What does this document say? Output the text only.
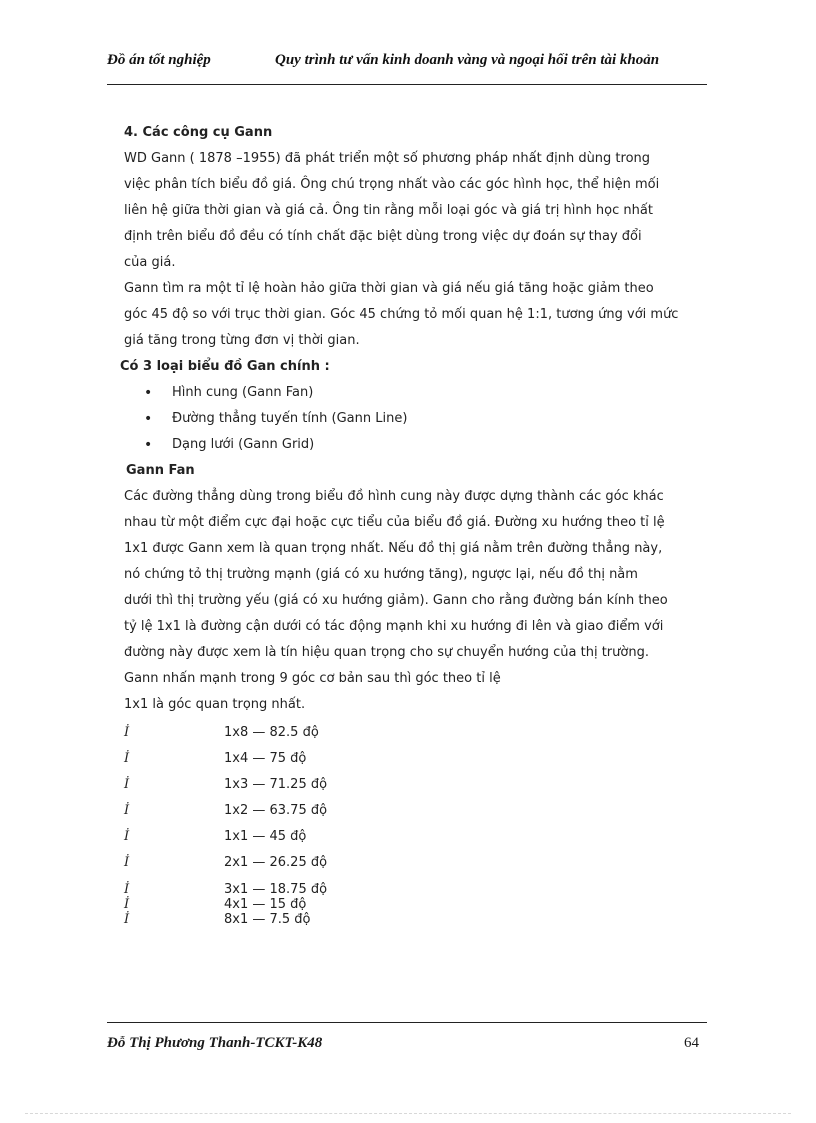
Đồ án tốt nghiệp	Quy trình tư vấn kinh doanh vàng và ngoại hối trên tài khoản

4. Các công cụ Gann

WD Gann ( 1878 –1955) đã phát triển một số phương pháp nhất định dùng trong

việc phân tích biểu đồ giá. Ông chú trọng nhất vào các góc hình học, thể hiện mối

liên hệ giữa thời gian và giá cả. Ông tin rằng mỗi loại góc và giá trị hình học nhất

định trên biểu đồ đều có tính chất đặc biệt dùng trong việc dự đoán sự thay đổi

của giá.

Gann tìm ra một tỉ lệ hoàn hảo giữa thời gian và giá nếu giá tăng hoặc giảm theo

góc 45 độ so với trục thời gian. Góc 45 chứng tỏ mối quan hệ 1:1, tương ứng với mức

giá tăng trong từng đơn vị thời gian.

Có 3 loại biểu đồ Gan chính :

• Hình cung (Gann Fan)
• Đường thẳng tuyến tính (Gann Line)
• Dạng lưới (Gann Grid)

Gann Fan

Các đường thẳng dùng trong biểu đồ hình cung này được dựng thành các góc khác

nhau từ một điểm cực đại hoặc cực tiểu của biểu đồ giá. Đường xu hướng theo tỉ lệ

1x1 được Gann xem là quan trọng nhất. Nếu đồ thị giá nằm trên đường thẳng này,

nó chứng tỏ thị trường mạnh (giá có xu hướng tăng), ngược lại, nếu đồ thị nằm

dưới thì thị trường yếu (giá có xu hướng giảm). Gann cho rằng đường bán kính theo

tỷ lệ 1x1 là đường cận dưới có tác động mạnh khi xu hướng đi lên và giao điểm với

đường này được xem là tín hiệu quan trọng cho sự chuyển hướng của thị trường.

Gann nhấn mạnh trong 9 góc cơ bản sau thì góc theo tỉ lệ

1x1 là góc quan trọng nhất.

İ	1x8 — 82.5 độ
İ	1x4 — 75 độ
İ	1x3 — 71.25 độ
İ	1x2 — 63.75 độ
İ	1x1 — 45 độ
İ	2x1 — 26.25 độ
İ	3x1 — 18.75 độ
İ	4x1 — 15 độ
İ	8x1 — 7.5 độ
Đỗ Thị Phương Thanh-TCKT-K48	64
